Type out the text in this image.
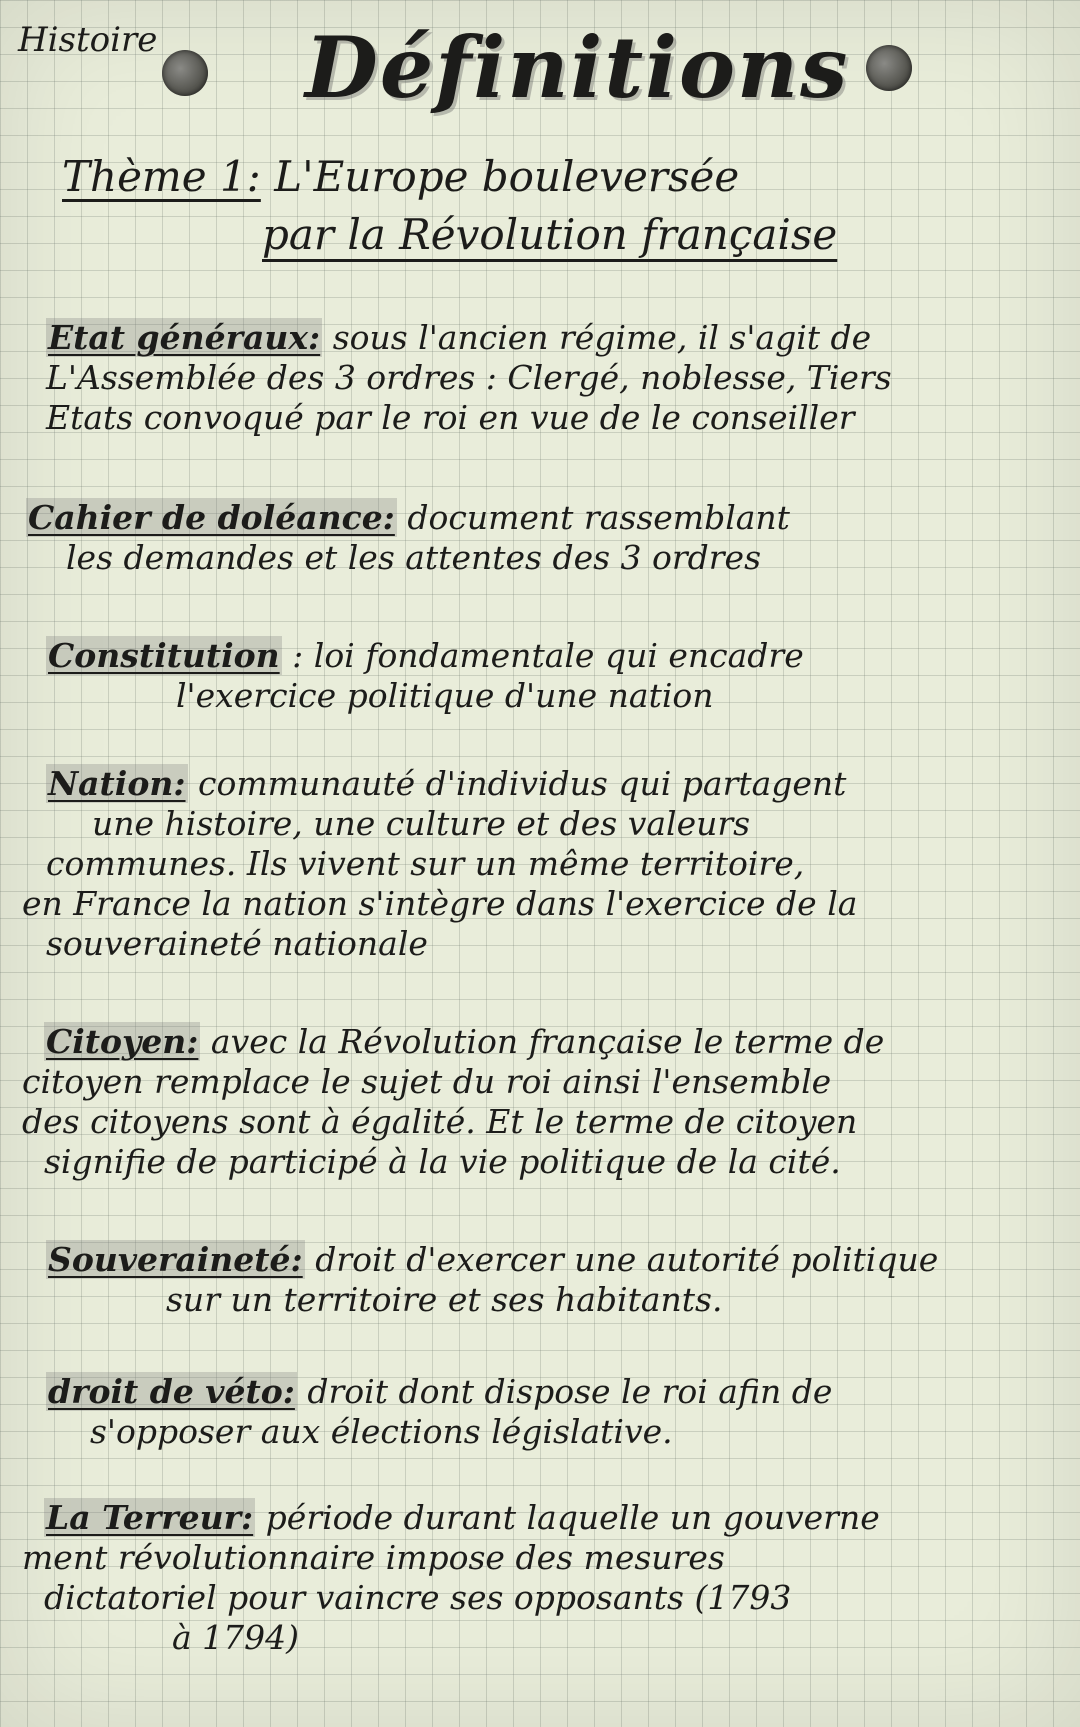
Histoire Définitions
Thème 1: L'Europe bouleversée
par la Révolution française
Etat généraux: sous l'ancien régime, il s'agit de
L'Assemblée des 3 ordres : Clergé, noblesse, Tiers
Etats convoqué par le roi en vue de le conseiller
Cahier de doléance: document rassemblant
les demandes et les attentes des 3 ordres
Constitution : loi fondamentale qui encadre
l'exercice politique d'une nation
Nation: communauté d'individus qui partagent
une histoire, une culture et des valeurs
communes. Ils vivent sur un même territoire,
en France la nation s'intègre dans l'exercice de la
souveraineté nationale
Citoyen: avec la Révolution française le terme de
citoyen remplace le sujet du roi ainsi l'ensemble
des citoyens sont à égalité. Et le terme de citoyen
signifie de participé à la vie politique de la cité.
Souveraineté: droit d'exercer une autorité politique
sur un territoire et ses habitants.
droit de véto: droit dont dispose le roi afin de
s'opposer aux élections législative.
La Terreur: période durant laquelle un gouverne
ment révolutionnaire impose des mesures
dictatoriel pour vaincre ses opposants (1793
à 1794)
